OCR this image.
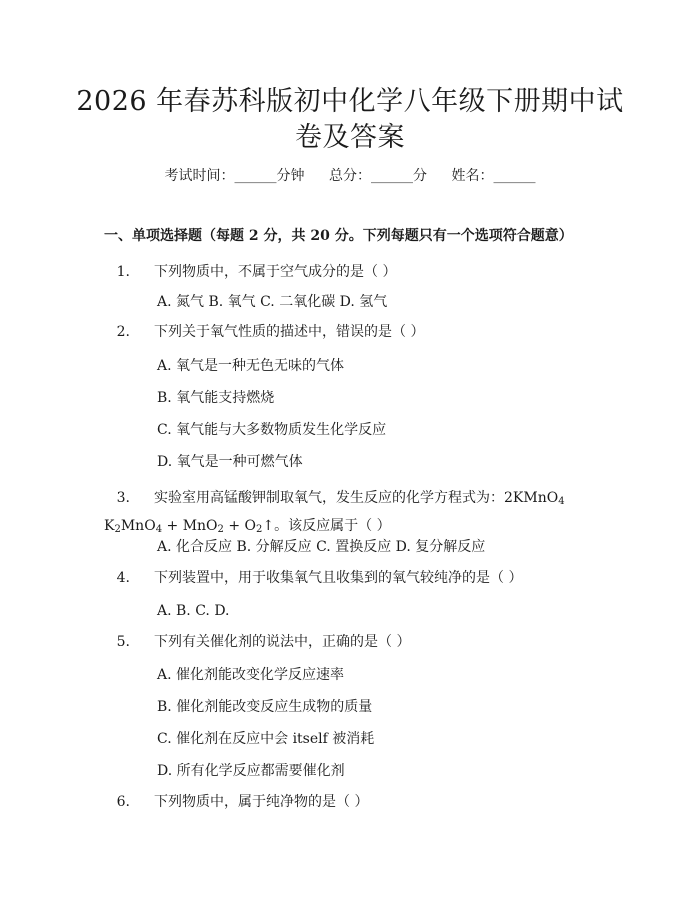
2026 年春苏科版初中化学八年级下册期中试
卷及答案
考试时间：______分钟 总分：______分 姓名：______
一、单项选择题（每题 2 分，共 20 分。下列每题只有一个选项符合题意）
1. 下列物质中，不属于空气成分的是（ ）
A. 氮气 B. 氧气 C. 二氧化碳 D. 氢气
2. 下列关于氧气性质的描述中，错误的是（ ）
A. 氧气是一种无色无味的气体
B. 氧气能支持燃烧
C. 氧气能与大多数物质发生化学反应
D. 氧气是一种可燃气体
3. 实验室用高锰酸钾制取氧气，发生反应的化学方程式为：2KMnO$_4$ $K_2MnO_4 + MnO_2$ + $O_2↑$。该反应属于（ ）
A. 化合反应 B. 分解反应 C. 置换反应 D. 复分解反应
4. 下列装置中，用于收集氧气且收集到的氧气较纯净的是（ ）
A. B. C. D.
5. 下列有关催化剂的说法中，正确的是（ ）
A. 催化剂能改变化学反应速率
B. 催化剂能改变反应生成物的质量
C. 催化剂在反应中会 itself 被消耗
D. 所有化学反应都需要催化剂
6. 下列物质中，属于纯净物的是（ ）
